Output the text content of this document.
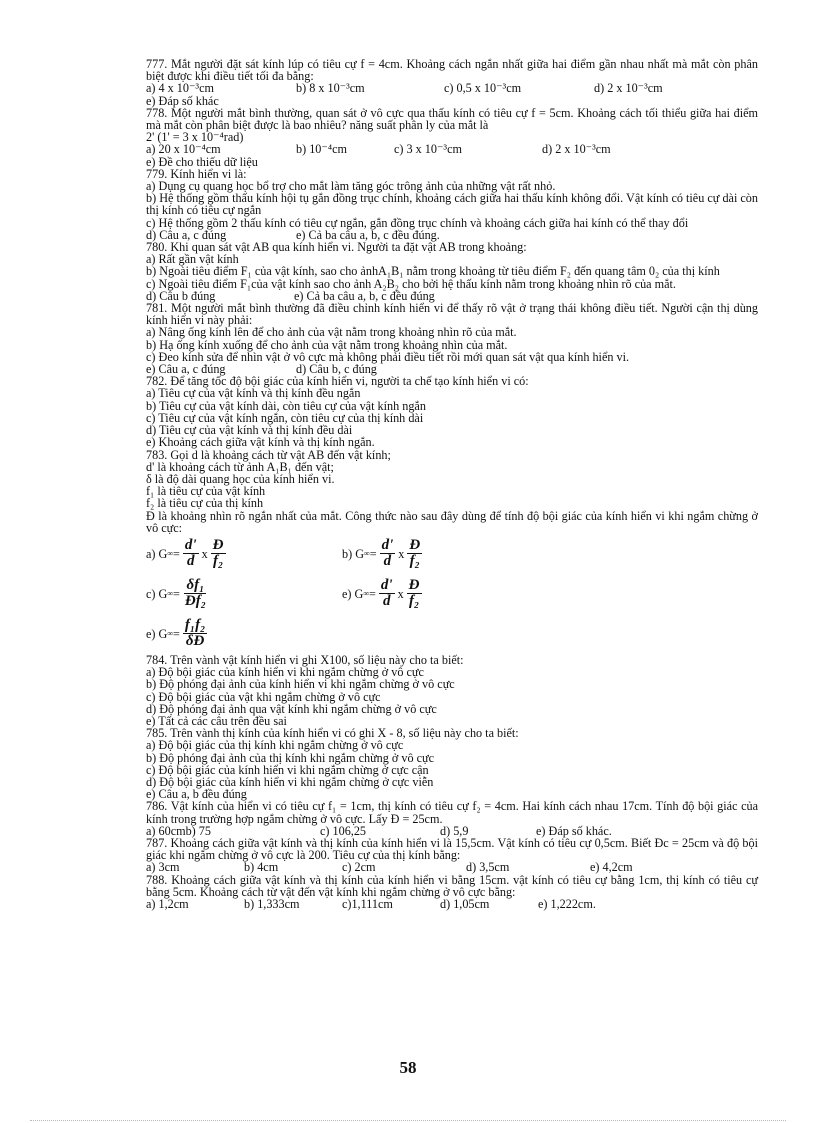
777. Mắt người đặt sát kính lúp có tiêu cự f = 4cm. Khoảng cách ngắn nhất giữa hai điểm gần nhau nhất mà mắt còn phân biệt được khi điều tiết tối đa bằng:

a) 4 x 10⁻³cm	b) 8 x 10⁻³cm	c) 0,5 x 10⁻³cm	d) 2 x 10⁻³cm

e) Đáp số khác

778. Một người mắt bình thường, quan sát ở vô cực qua thấu kính có tiêu cự f = 5cm. Khoảng cách tối thiểu giữa hai điểm mà mắt còn phân biệt được là bao nhiêu? năng suất phân ly của mắt là

2' (1' = 3 x 10⁻⁴rad)

a) 20 x 10⁻⁴cm	b) 10⁻⁴cm	c) 3 x 10⁻³cm	d) 2 x 10⁻³cm

e) Đề cho thiếu dữ liệu

779. Kính hiển vi là:

a) Dụng cụ quang học bổ trợ cho mắt làm tăng góc trông ảnh của những vật rất nhỏ.

b) Hệ thống gồm thấu kính hội tụ gắn đồng trục chính, khoảng cách giữa hai thấu kính không đổi. Vật kính có tiêu cự dài còn thị kính có tiêu cự ngắn

c) Hệ thống gồm 2 thấu kính có tiêu cự ngắn, gắn đồng trục chính và khoảng cách giữa hai kính có thể thay đổi

d) Câu a, c đúng	e) Cả ba câu a, b, c đều đúng.

780. Khi quan sát vật AB qua kính hiển vi. Người ta đặt vật AB trong khoảng:

a) Rất gần vật kính

b) Ngoài tiêu điểm F₁ của vật kính, sao cho ảnhA₁B₁ nằm trong khoảng từ tiêu điểm F₂ đến quang tâm 0₂ của thị kính

c) Ngoài tiêu điểm F₁của vật kính sao cho ảnh A₂B₂ cho bởi hệ thấu kính nằm trong khoảng nhìn rõ của mắt.

d) Câu b đúng	e) Cả ba câu a, b, c đều đúng

781. Một người mắt bình thường đã điều chỉnh kính hiển vi để thấy rõ vật ở trạng thái không điều tiết. Người cận thị dùng kính hiển vi này phải:

a) Nâng ống kính lên để cho ảnh của vật nằm trong khoảng nhìn rõ của mắt.

b) Hạ ống kính xuống để cho ảnh của vật nằm trong khoảng nhìn của mắt.

c) Đeo kính sửa để nhìn vật ở vô cực mà không phải điều tiết rồi mới quan sát vật qua kính hiển vi.

e) Câu a, c đúng	d) Câu b, c đúng

782. Để tăng tốc độ bội giác của kính hiển vi, người ta chế tạo kính hiển vi có:

a) Tiêu cự của vật kính và thị kính đều ngắn

b) Tiêu cự của vật kính dài, còn tiêu cự của vật kính ngắn

c) Tiêu cự của vật kính ngắn, còn tiêu cự của thị kính dài

d) Tiêu cự của vật kính và thị kính đều dài

e) Khoảng cách giữa vật kính và thị kính ngắn.

783. Gọi d là khoảng cách từ vật AB đến vật kính;

d' là khoảng cách từ ảnh A₁B₁ đến vật;

δ là độ dài quang học của kính hiển vi.

f₁ là tiêu cự của vật kính

f₂ là tiêu cự của thị kính

Đ là khoảng nhìn rõ ngắn nhất của mắt. Công thức nào sau đây dùng để tính độ bội giác của kính hiển vi khi ngắm chừng ở vô cực:

a) G ∞ = $\frac{d'}{d}$ x $\frac{Đ}{\text{f₂}}$	b) G ∞ = $\frac{d'}{d}$ x $\frac{Đ}{\text{f₂}}$
c) G ∞ = $\frac{\text{δf₁}}{\text{Đf₂}}$	e) G ∞ = $\frac{d'}{d}$ x $\frac{Đ}{\text{f₂}}$
e) G ∞ = $\frac{\text{f₁f₂}}{\delta Đ}$

784. Trên vành vật kính hiển vi ghi X100, số liệu này cho ta biết:

a) Độ bội giác của kính hiển vi khi ngắm chừng ở vô cực

b) Độ phóng đại ảnh của kính hiển vi khi ngắm chừng ở vô cực

c) Độ bội giác của vật khi ngắm chừng ở vô cực

d) Độ phóng đại ảnh qua vật kính khi ngắm chừng ở vô cực

e) Tất cả các câu trên đều sai

785. Trên vành thị kính của kính hiển vi có ghi X - 8, số liệu này cho ta biết:

a) Độ bội giác của thị kính khi ngắm chừng ở vô cực

b) Độ phóng đại ảnh của thị kính khi ngắm chừng ở vô cực

c) Độ bội giác của kính hiển vi khi ngắm chừng ở cực cận

d) Độ bội giác của kính hiển vi khi ngắm chừng ở cực viễn

e) Câu a, b đều đúng

786. Vật kính của hiển vi có tiêu cự f₁ = 1cm, thị kính có tiêu cự f₂ = 4cm. Hai kính cách nhau 17cm. Tính độ bội giác của kính trong trường hợp ngắm chừng ở vô cực. Lấy Đ = 25cm.

a) 60cmb) 75	c) 106,25	d) 5,9	e) Đáp số khác.

787. Khoảng cách giữa vật kính và thị kính của kính hiển vi là 15,5cm. Vật kính có tiêu cự 0,5cm. Biết Đc = 25cm và độ bội giác khi ngắm chừng ở vô cực là 200. Tiêu cự của thị kính bằng:

a) 3cm	b) 4cm	c) 2cm	d) 3,5cm	e) 4,2cm

788. Khoảng cách giữa vật kính và thị kính của kính hiển vi bằng 15cm. vật kính có tiêu cự bằng 1cm, thị kính có tiêu cự bằng 5cm. Khoảng cách từ vật đến vật kính khi ngắm chừng ở vô cực bằng:

a) 1,2cm	b) 1,333cm	c)1,111cm	d) 1,05cm	e) 1,222cm.
58
